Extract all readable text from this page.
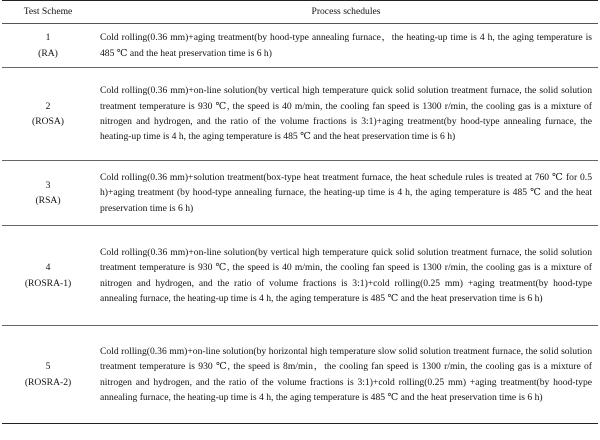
Test Scheme	Process schedules

1
(RA)	Cold rolling(0.36 mm)+aging treatment(by hood-type annealing furnace，the heating-up time is 4 h, the aging temperature is 485 ℃ and the heat preservation time is 6 h)

2
(ROSA)	Cold rolling(0.36 mm)+on-line solution(by vertical high temperature quick solid solution treatment furnace, the solid solution treatment temperature is 930 ℃, the speed is 40 m/min, the cooling fan speed is 1300 r/min, the cooling gas is a mixture of nitrogen and hydrogen, and the ratio of the volume fractions is 3:1)+aging treatment(by hood-type annealing furnace, the heating-up time is 4 h, the aging temperature is 485 ℃ and the heat preservation time is 6 h)

3
(RSA)	Cold rolling(0.36 mm)+solution treatment(box-type heat treatment furnace, the heat schedule rules is treated at 760 ℃ for 0.5 h)+aging treatment (by hood-type annealing furnace, the heating-up time is 4 h, the aging temperature is 485 ℃ and the heat preservation time is 6 h)

4
(ROSRA-1)	Cold rolling(0.36 mm)+on-line solution(by vertical high temperature quick solid solution treatment furnace, the solid solution treatment temperature is 930 ℃, the speed is 40 m/min, the cooling fan speed is 1300 r/min, the cooling gas is a mixture of nitrogen and hydrogen, and the ratio of volume fractions is 3:1)+cold rolling(0.25 mm) +aging treatment(by hood-type annealing furnace, the heating-up time is 4 h, the aging temperature is 485 ℃ and the heat preservation time is 6 h)

5
(ROSRA-2)	Cold rolling(0.36 mm)+on-line solution(by horizontal high temperature slow solid solution treatment furnace, the solid solution treatment temperature is 930 ℃, the speed is 8m/min，the cooling fan speed is 1300 r/min, the cooling gas is a mixture of nitrogen and hydrogen, and the ratio of the volume fractions is 3:1)+cold rolling(0.25 mm) +aging treatment(by hood-type annealing furnace, the heating-up time is 4 h, the aging temperature is 485 ℃ and the heat preservation time is 6 h)
